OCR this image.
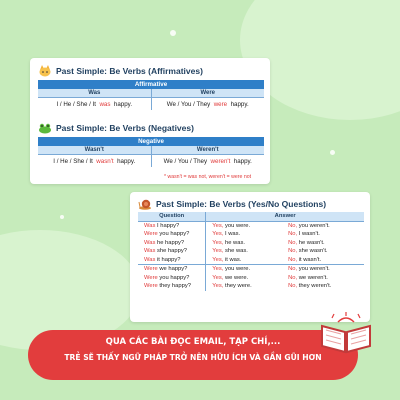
Past Simple: Be Verbs (Affirmatives)
Affirmative	
Was	Were
I / He / She / It was happy.	We / You / They were happy.
Past Simple: Be Verbs (Negatives)
Negative	
Wasn't	Weren't
I / He / She / It wasn't happy.	We / You / They weren't happy.
* wasn't = was not, weren't = were not
Past Simple: Be Verbs (Yes/No Questions)
Question	Answer	
Was I happy?	Yes, you were.	No, you weren't.
Were you happy?	Yes, I was.	No, I wasn't.
Was he happy?	Yes, he was.	No, he wasn't.
Was she happy?	Yes, she was.	No, she wasn't.
Was it happy?	Yes, it was.	No, it wasn't.
Were we happy?	Yes, you were.	No, you weren't.
Were you happy?	Yes, we were.	No, we weren't.
Were they happy?	Yes, they were.	No, they weren't.
QUA CÁC BÀI ĐỌC EMAIL, TẠP CHÍ,...
TRẺ SẼ THẤY NGỮ PHÁP TRỞ NÊN HỮU ÍCH VÀ GẦN GŨI HƠN
